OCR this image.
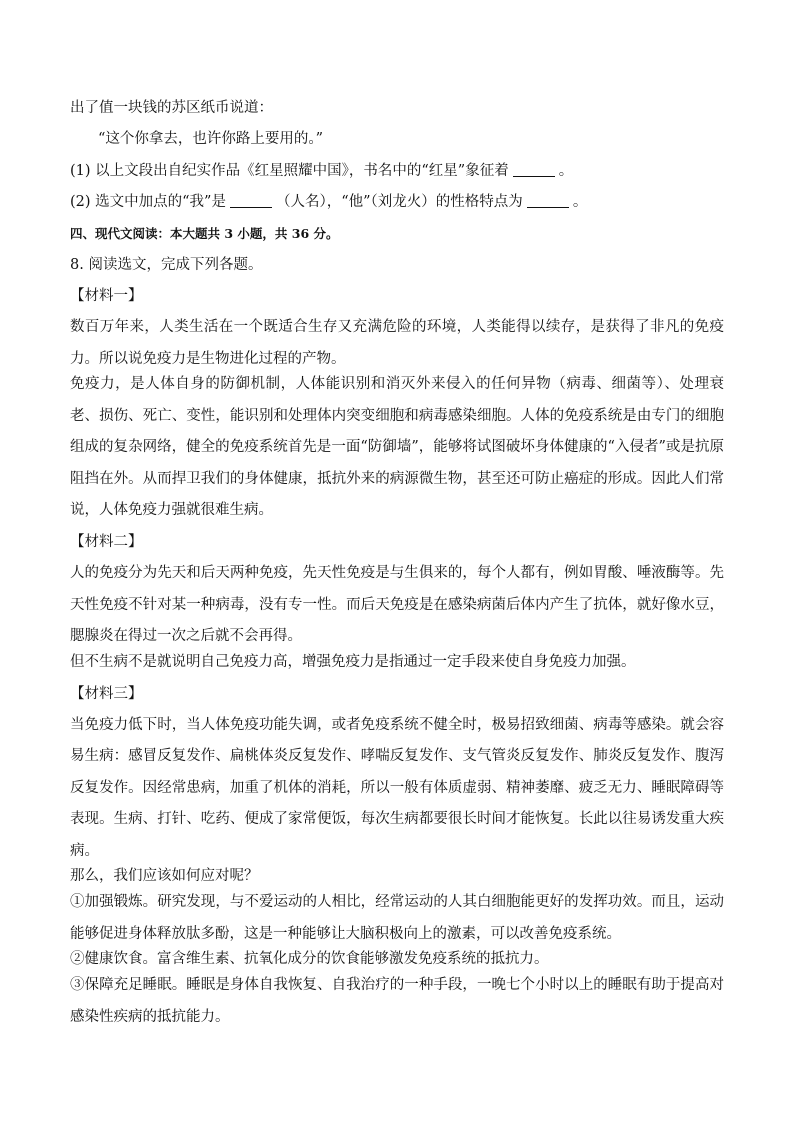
出了值一块钱的苏区纸币说道：
“这个你拿去，也许你路上要用的。”
(1) 以上文段出自纪实作品《红星照耀中国》，书名中的“红星”象征着	。
(2) 选文中加点的“我”是	（人名），“他”（刘龙火）的性格特点为	。
四、现代文阅读：本大题共 3 小题，共 36 分。
8. 阅读选文，完成下列各题。
【材料一】
数百万年来，人类生活在一个既适合生存又充满危险的环境，人类能得以续存，是获得了非凡的免疫力。所以说免疫力是生物进化过程的产物。
免疫力，是人体自身的防御机制，人体能识别和消灭外来侵入的任何异物（病毒、细菌等）、处理衰老、损伤、死亡、变性，能识别和处理体内突变细胞和病毒感染细胞。人体的免疫系统是由专门的细胞组成的复杂网络，健全的免疫系统首先是一面“防御墙”，能够将试图破坏身体健康的“入侵者”或是抗原阻挡在外。从而捍卫我们的身体健康，抵抗外来的病源微生物，甚至还可防止癌症的形成。因此人们常说，人体免疫力强就很难生病。
【材料二】
人的免疫分为先天和后天两种免疫，先天性免疫是与生俱来的，每个人都有，例如胃酸、唾液酶等。先天性免疫不针对某一种病毒，没有专一性。而后天免疫是在感染病菌后体内产生了抗体，就好像水豆，腮腺炎在得过一次之后就不会再得。
但不生病不是就说明自己免疫力高，增强免疫力是指通过一定手段来使自身免疫力加强。
【材料三】
当免疫力低下时，当人体免疫功能失调，或者免疫系统不健全时，极易招致细菌、病毒等感染。就会容易生病：感冒反复发作、扁桃体炎反复发作、哮喘反复发作、支气管炎反复发作、肺炎反复发作、腹泻反复发作。因经常患病，加重了机体的消耗，所以一般有体质虚弱、精神萎靡、疲乏无力、睡眠障碍等表现。生病、打针、吃药、便成了家常便饭，每次生病都要很长时间才能恢复。长此以往易诱发重大疾病。
那么，我们应该如何应对呢？
①加强锻炼。研究发现，与不爱运动的人相比，经常运动的人其白细胞能更好的发挥功效。而且，运动能够促进身体释放肽多酚，这是一种能够让大脑积极向上的激素，可以改善免疫系统。
②健康饮食。富含维生素、抗氧化成分的饮食能够激发免疫系统的抵抗力。
③保障充足睡眠。睡眠是身体自我恢复、自我治疗的一种手段，一晚七个小时以上的睡眠有助于提高对感染性疾病的抵抗能力。
